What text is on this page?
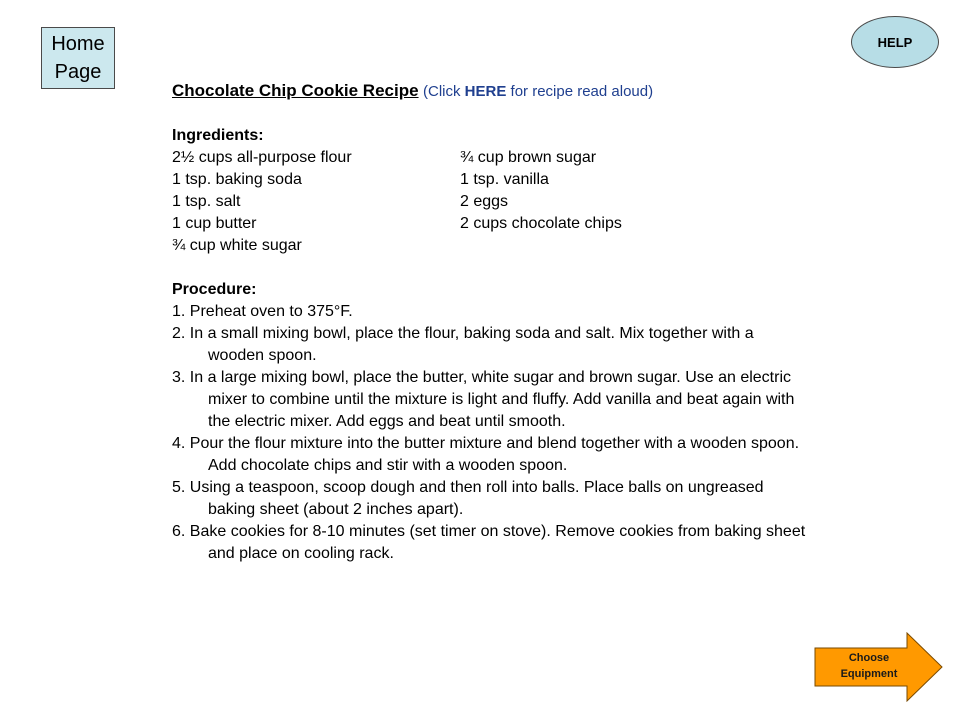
Home
Page
HELP
Chocolate Chip Cookie Recipe (Click HERE for recipe read aloud)
Ingredients:
2½ cups all-purpose flour
1 tsp. baking soda
1 tsp. salt
1 cup butter
¾ cup white sugar
¾ cup brown sugar
1 tsp. vanilla
2 eggs
2 cups chocolate chips
Procedure:
1. Preheat oven to 375°F.
2. In a small mixing bowl, place the flour, baking soda and salt. Mix together with a wooden spoon.
3. In a large mixing bowl, place the butter, white sugar and brown sugar. Use an electric mixer to combine until the mixture is light and fluffy. Add vanilla and beat again with the electric mixer. Add eggs and beat until smooth.
4. Pour the flour mixture into the butter mixture and blend together with a wooden spoon. Add chocolate chips and stir with a wooden spoon.
5. Using a teaspoon, scoop dough and then roll into balls. Place balls on ungreased baking sheet (about 2 inches apart).
6. Bake cookies for 8-10 minutes (set timer on stove). Remove cookies from baking sheet and place on cooling rack.
Choose
Equipment
